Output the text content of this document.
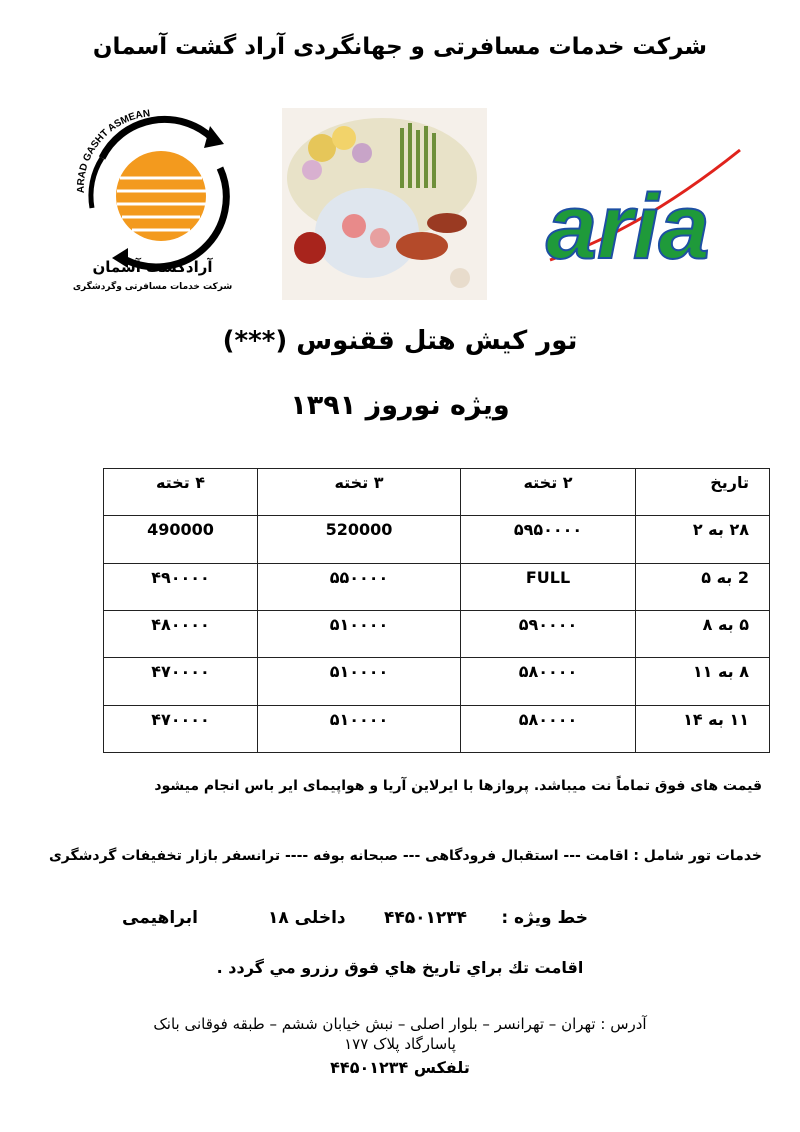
شرکت خدمات مسافرتی و جهانگردی آراد گشت آسمان
ARAD GASHT ASMEAN
آرادگشت آسمان
شرکت خدمات مسافرتی وگردشگری
aria
تور کیش هتل ققنوس (***)
ویژه نوروز ۱۳۹۱
تاریخ	۲ تخته	۳ تخته	۴ تخته
۲۸ به ۲	۵۹۵۰۰۰۰	520000	490000
2 به ۵	FULL	۵۵۰۰۰۰	۴۹۰۰۰۰
۵ به ۸	۵۹۰۰۰۰	۵۱۰۰۰۰	۴۸۰۰۰۰
۸ به ۱۱	۵۸۰۰۰۰	۵۱۰۰۰۰	۴۷۰۰۰۰
۱۱ به ۱۴	۵۸۰۰۰۰	۵۱۰۰۰۰	۴۷۰۰۰۰
قیمت های فوق تماماً نت میباشد. پروازها با ایرلاین آریا و هواپیمای ایر باس انجام میشود
خدمات تور شامل : اقامت --- استقبال فرودگاهی --- صبحانه بوفه ---- ترانسفر بازار تخفیفات گردشگری
خط ویژه :
۴۴۵۰۱۲۳۴
داخلی ۱۸
ابراهیمی
اقامت تك براي تاريخ هاي فوق رزرو مي گردد .
آدرس : تهران – تهرانسر – بلوار اصلی – نبش خیابان ششم – طبقه فوقانی بانک
پاسارگاد پلاک ۱۷۷
تلفکس ۴۴۵۰۱۲۳۴
